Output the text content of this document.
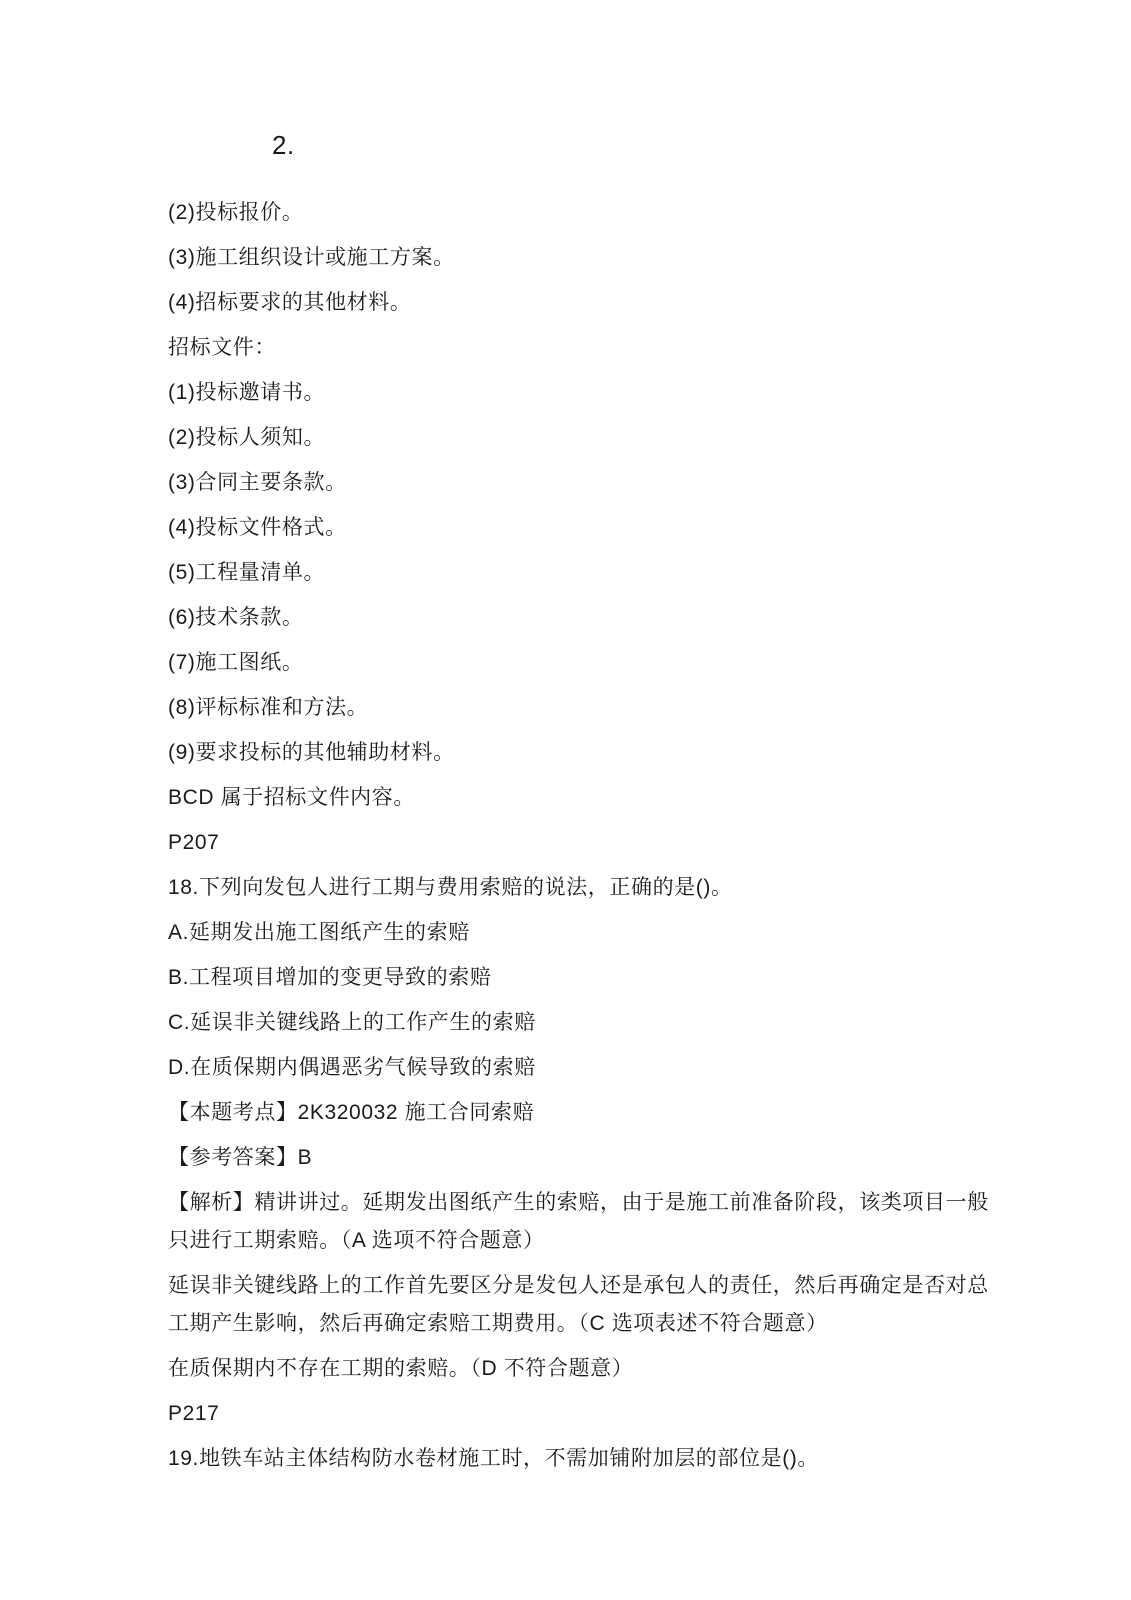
2.
(2)投标报价。
(3)施工组织设计或施工方案。
(4)招标要求的其他材料。
招标文件：
(1)投标邀请书。
(2)投标人须知。
(3)合同主要条款。
(4)投标文件格式。
(5)工程量清单。
(6)技术条款。
(7)施工图纸。
(8)评标标准和方法。
(9)要求投标的其他辅助材料。
BCD 属于招标文件内容。
P207
18.下列向发包人进行工期与费用索赔的说法，正确的是()。
A.延期发出施工图纸产生的索赔
B.工程项目增加的变更导致的索赔
C.延误非关键线路上的工作产生的索赔
D.在质保期内偶遇恶劣气候导致的索赔
【本题考点】2K320032 施工合同索赔
【参考答案】B
【解析】精讲讲过。延期发出图纸产生的索赔，由于是施工前准备阶段，该类项目一般
只进行工期索赔。（A 选项不符合题意）
延误非关键线路上的工作首先要区分是发包人还是承包人的责任，然后再确定是否对总
工期产生影响，然后再确定索赔工期费用。（C 选项表述不符合题意）
在质保期内不存在工期的索赔。（D 不符合题意）
P217
19.地铁车站主体结构防水卷材施工时，不需加铺附加层的部位是()。
